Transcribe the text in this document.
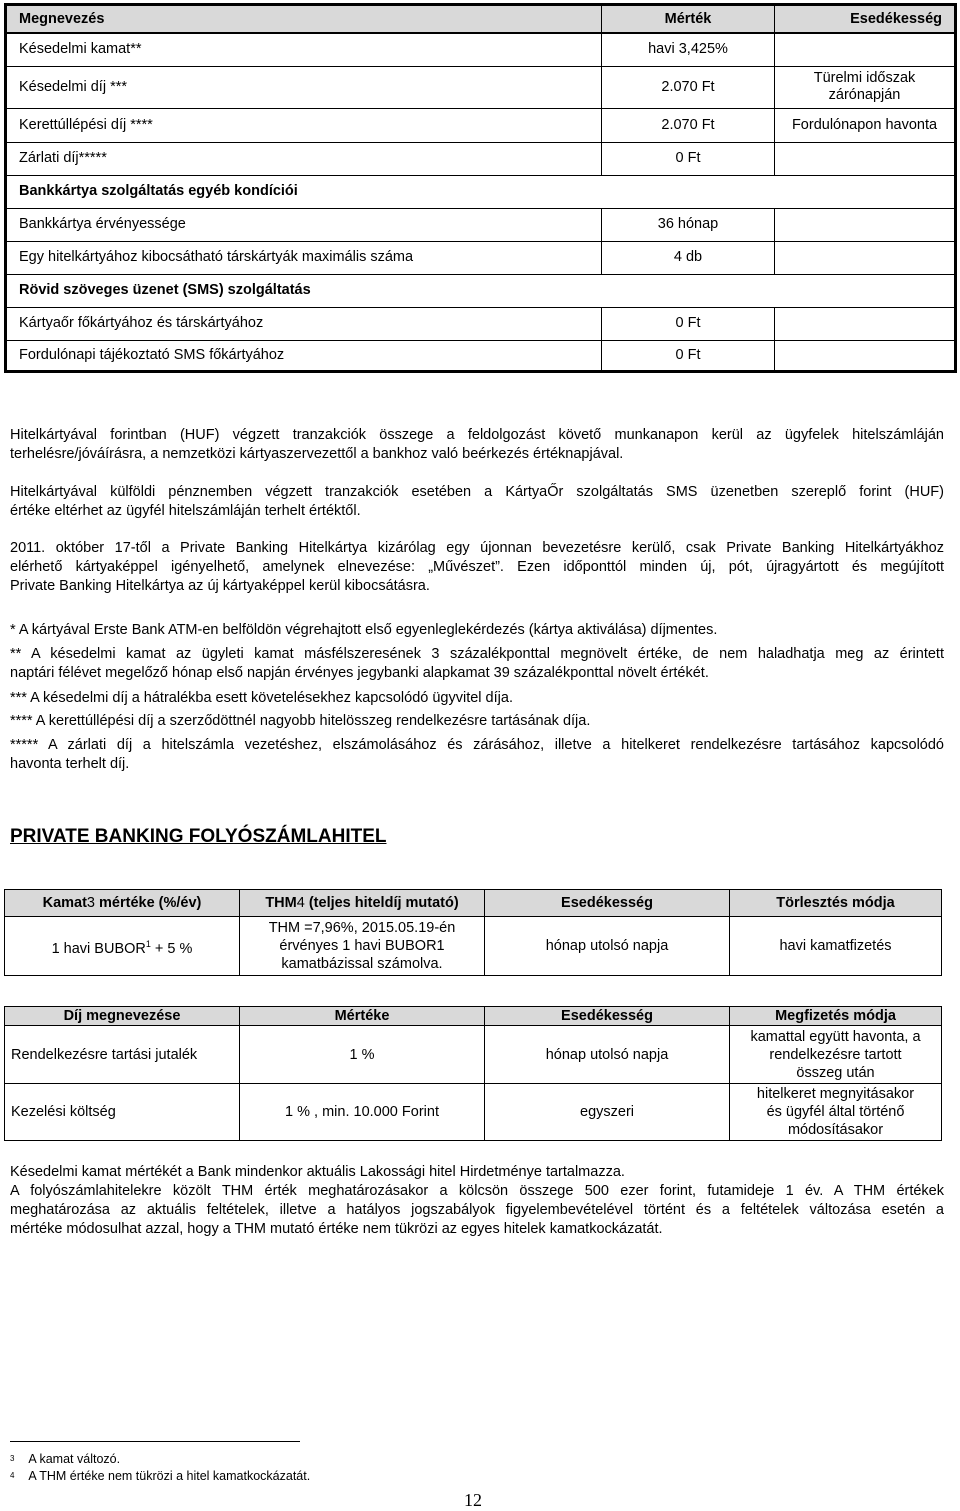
Megnevezés	Mérték	Esedékesség
Késedelmi kamat**	havi 3,425%	
Késedelmi díj ***	2.070 Ft	Türelmi időszak zárónapján
Kerettúllépési díj ****	2.070 Ft	Fordulónapon havonta
Zárlati díj*****	0 Ft	
Bankkártya szolgáltatás egyéb kondíciói		
Bankkártya érvényessége	36 hónap	
Egy hitelkártyához kibocsátható társkártyák maximális száma	4 db	
Rövid szöveges üzenet (SMS) szolgáltatás		
Kártyaőr főkártyához és társkártyához	0 Ft	
Fordulónapi tájékoztató SMS főkártyához	0 Ft	

Hitelkártyával forintban (HUF) végzett tranzakciók összege a feldolgozást követő munkanapon kerül az ügyfelek hitelszámláján
terhelésre/jóváírásra, a nemzetközi kártyaszervezettől a bankhoz való beérkezés értéknapjával.

Hitelkártyával külföldi pénznemben végzett tranzakciók esetében a KártyaŐr szolgáltatás SMS üzenetben szereplő forint (HUF)
értéke eltérhet az ügyfél hitelszámláján terhelt értéktől.

2011. október 17-től a Private Banking Hitelkártya kizárólag egy újonnan bevezetésre kerülő, csak Private Banking Hitelkártyákhoz
elérhető kártyaképpel igényelhető, amelynek elnevezése: „Művészet”. Ezen időponttól minden új, pót, újragyártott és megújított
Private Banking Hitelkártya az új kártyaképpel kerül kibocsátásra.

* A kártyával Erste Bank ATM-en belföldön végrehajtott első egyenleglekérdezés (kártya aktiválása) díjmentes.

** A késedelmi kamat az ügyleti kamat másfélszeresének 3 százalékponttal megnövelt értéke, de nem haladhatja meg az érintett
naptári félévet megelőző hónap első napján érvényes jegybanki alapkamat 39 százalékponttal növelt értékét.

*** A késedelmi díj a hátralékba esett követelésekhez kapcsolódó ügyvitel díja.

**** A kerettúllépési díj a szerződöttnél nagyobb hitelösszeg rendelkezésre tartásának díja.

***** A zárlati díj a hitelszámla vezetéshez, elszámolásához és zárásához, illetve a hitelkeret rendelkezésre tartásához kapcsolódó
havonta terhelt díj.

PRIVATE BANKING FOLYÓSZÁMLAHITEL
Kamat3 mértéke (%/év)	THM4 (teljes hiteldíj mutató)	Esedékesség	Törlesztés módja
1 havi $BUBOR^1 + 5$ %	THM =7,96%, 2015.05.19-én
érvényes 1 havi BUBOR1
kamatbázissal számolva.	hónap utolsó napja	havi kamatfizetés
Díj megnevezése	Mértéke	Esedékesség	Megfizetés módja
Rendelkezésre tartási jutalék	1 %	hónap utolsó napja	kamattal együtt havonta, a
rendelkezésre tartott
összeg után

Kezelési költség	1 % , min. 10.000 Forint	egyszeri	hitelkeret megnyitásakor
és ügyfél által történő
módosításakor

Késedelmi kamat mértékét a Bank mindenkor aktuális Lakossági hitel Hirdetménye tartalmazza.
A folyószámlahitelekre közölt THM érték meghatározásakor a kölcsön összege 500 ezer forint, futamideje 1 év. A THM értékek
meghatározása az aktuális feltételek, illetve a hatályos jogszabályok figyelembevételével történt és a feltételek változása esetén a
mértéke módosulhat azzal, hogy a THM mutató értéke nem tükrözi az egyes hitelek kamatkockázatát.

$^3$ A kamat változó.
$^4$ A THM értéke nem tükrözi a hitel kamatkockázatát.
12
